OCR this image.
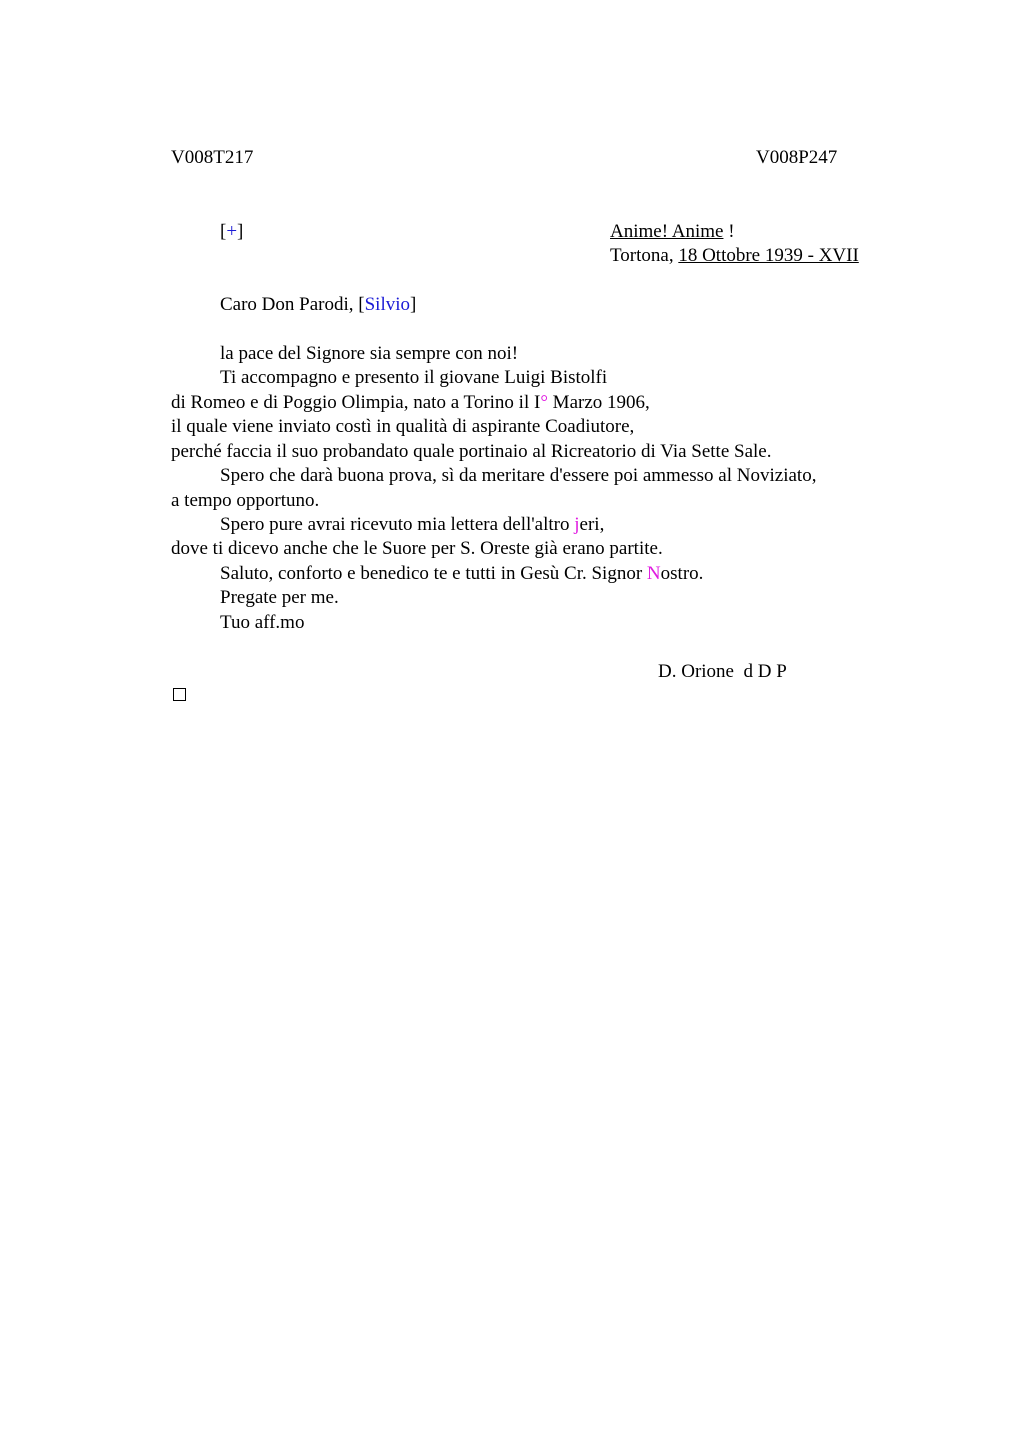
V008T217	V008P247
[+]	Anime! Anime !
Tortona, 18 Ottobre 1939 - XVII
Caro Don Parodi, [Silvio]
la pace del Signore sia sempre con noi!
Ti accompagno e presento il giovane Luigi Bistolfi
di Romeo e di Poggio Olimpia, nato a Torino il I° Marzo 1906,
il quale viene inviato costì in qualità di aspirante Coadiutore,
perché faccia il suo probandato quale portinaio al Ricreatorio di Via Sette Sale.
Spero che darà buona prova, sì da meritare d'essere poi ammesso al Noviziato,
a tempo opportuno.
Spero pure avrai ricevuto mia lettera dell'altro jeri,
dove ti dicevo anche che le Suore per S. Oreste già erano partite.
Saluto, conforto e benedico te e tutti in Gesù Cr. Signor Nostro.
Pregate per me.
Tuo aff.mo
D. Orione  d D P
